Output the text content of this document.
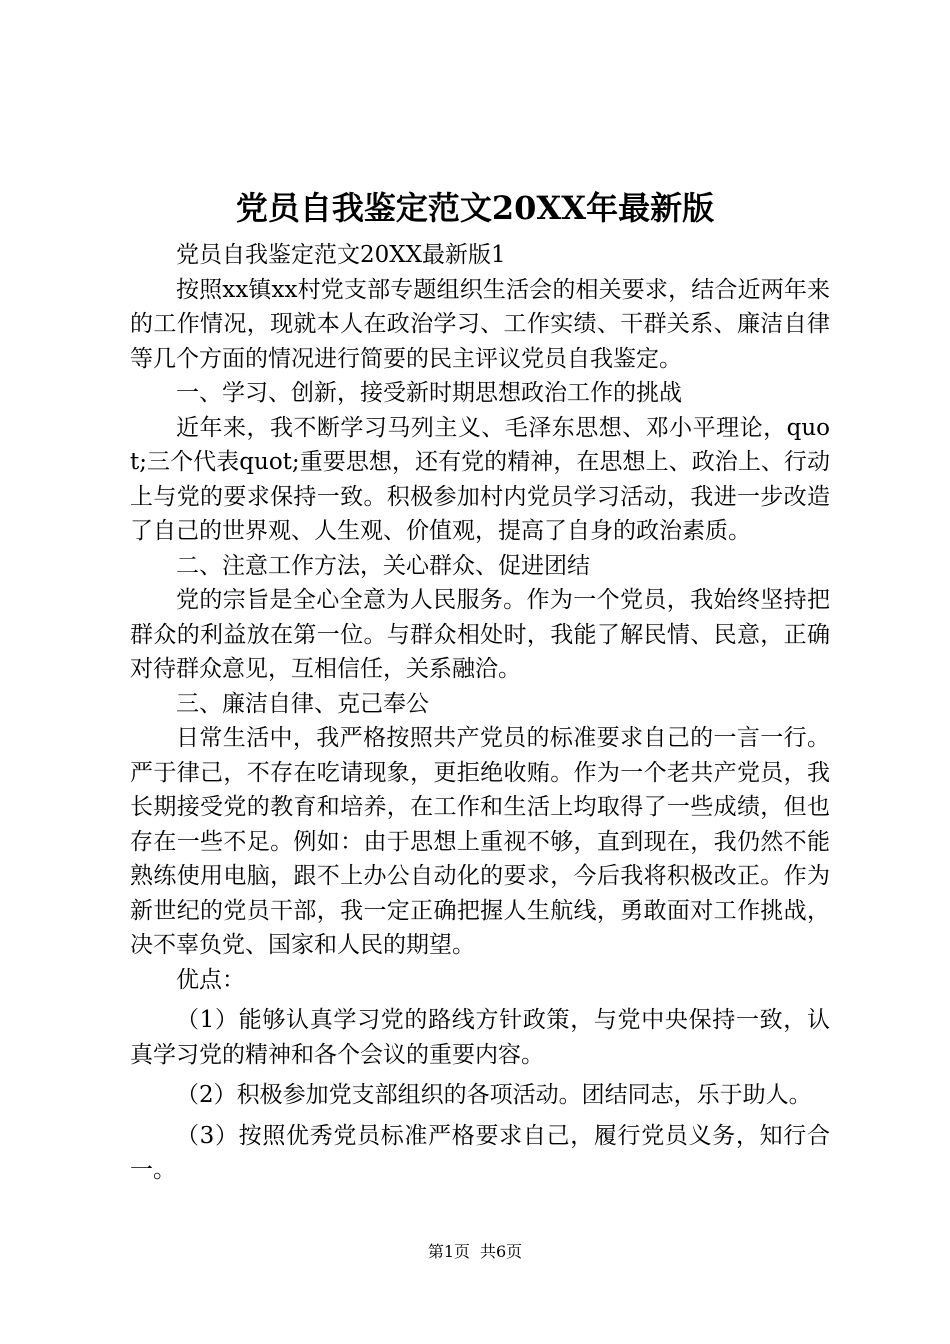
党员自我鉴定范文20XX年最新版

党员自我鉴定范文20XX最新版1

按照xx镇xx村党支部专题组织生活会的相关要求，结合近两年来的工作情况，现就本人在政治学习、工作实绩、干群关系、廉洁自律等几个方面的情况进行简要的民主评议党员自我鉴定。

一、学习、创新，接受新时期思想政治工作的挑战

近年来，我不断学习马列主义、毛泽东思想、邓小平理论，quot;三个代表quot;重要思想，还有党的精神，在思想上、政治上、行动上与党的要求保持一致。积极参加村内党员学习活动，我进一步改造了自己的世界观、人生观、价值观，提高了自身的政治素质。

二、注意工作方法，关心群众、促进团结

党的宗旨是全心全意为人民服务。作为一个党员，我始终坚持把群众的利益放在第一位。与群众相处时，我能了解民情、民意，正确对待群众意见，互相信任，关系融洽。

三、廉洁自律、克己奉公

日常生活中，我严格按照共产党员的标准要求自己的一言一行。严于律己，不存在吃请现象，更拒绝收贿。作为一个老共产党员，我长期接受党的教育和培养，在工作和生活上均取得了一些成绩，但也存在一些不足。例如：由于思想上重视不够，直到现在，我仍然不能熟练使用电脑，跟不上办公自动化的要求，今后我将积极改正。作为新世纪的党员干部，我一定正确把握人生航线，勇敢面对工作挑战，决不辜负党、国家和人民的期望。

优点：

（1）能够认真学习党的路线方针政策，与党中央保持一致，认真学习党的精神和各个会议的重要内容。

（2）积极参加党支部组织的各项活动。团结同志，乐于助人。

（3）按照优秀党员标准严格要求自己，履行党员义务，知行合一。

第1页 共6页
